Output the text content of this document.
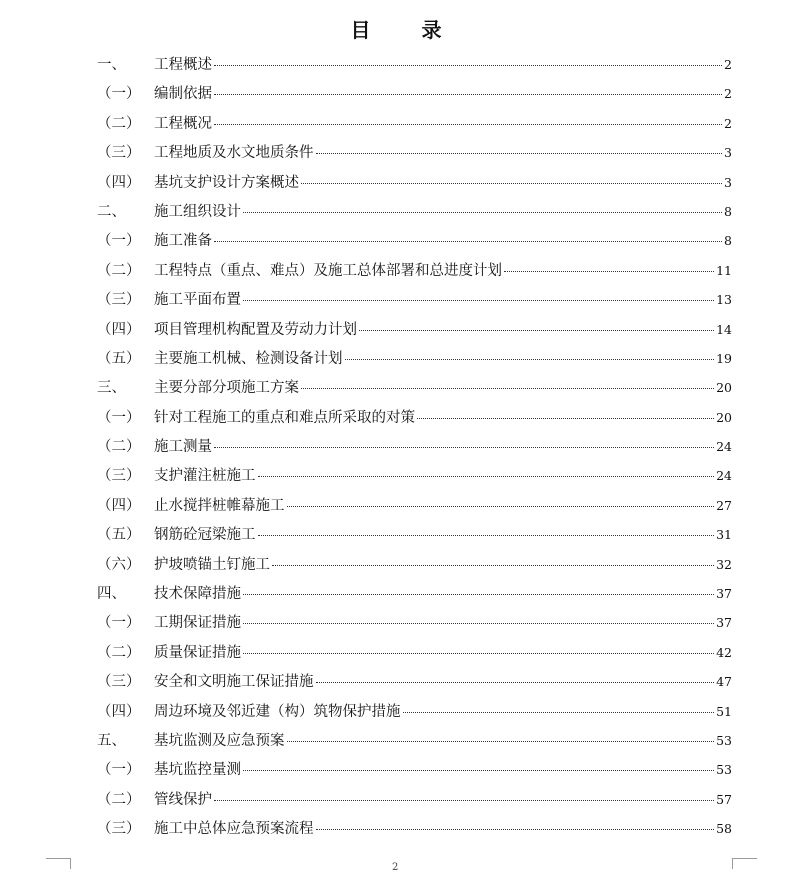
目 录
一、	工程概述	2
（一） 编制依据	2
（二） 工程概况	2
（三） 工程地质及水文地质条件	3
（四） 基坑支护设计方案概述	3
二、	施工组织设计	8
（一） 施工准备	8
（二） 工程特点（重点、难点）及施工总体部署和总进度计划	11
（三） 施工平面布置	13
（四） 项目管理机构配置及劳动力计划	14
（五） 主要施工机械、检测设备计划	19
三、	主要分部分项施工方案	20
（一） 针对工程施工的重点和难点所采取的对策	20
（二） 施工测量	24
（三） 支护灌注桩施工	24
（四） 止水搅拌桩帷幕施工	27
（五） 钢筋砼冠梁施工	31
（六） 护坡喷锚土钉施工	32
四、	技术保障措施	37
（一） 工期保证措施	37
（二） 质量保证措施	42
（三） 安全和文明施工保证措施	47
（四） 周边环境及邻近建（构）筑物保护措施	51
五、	基坑监测及应急预案	53
（一） 基坑监控量测	53
（二） 管线保护	57
（三） 施工中总体应急预案流程	58
2
